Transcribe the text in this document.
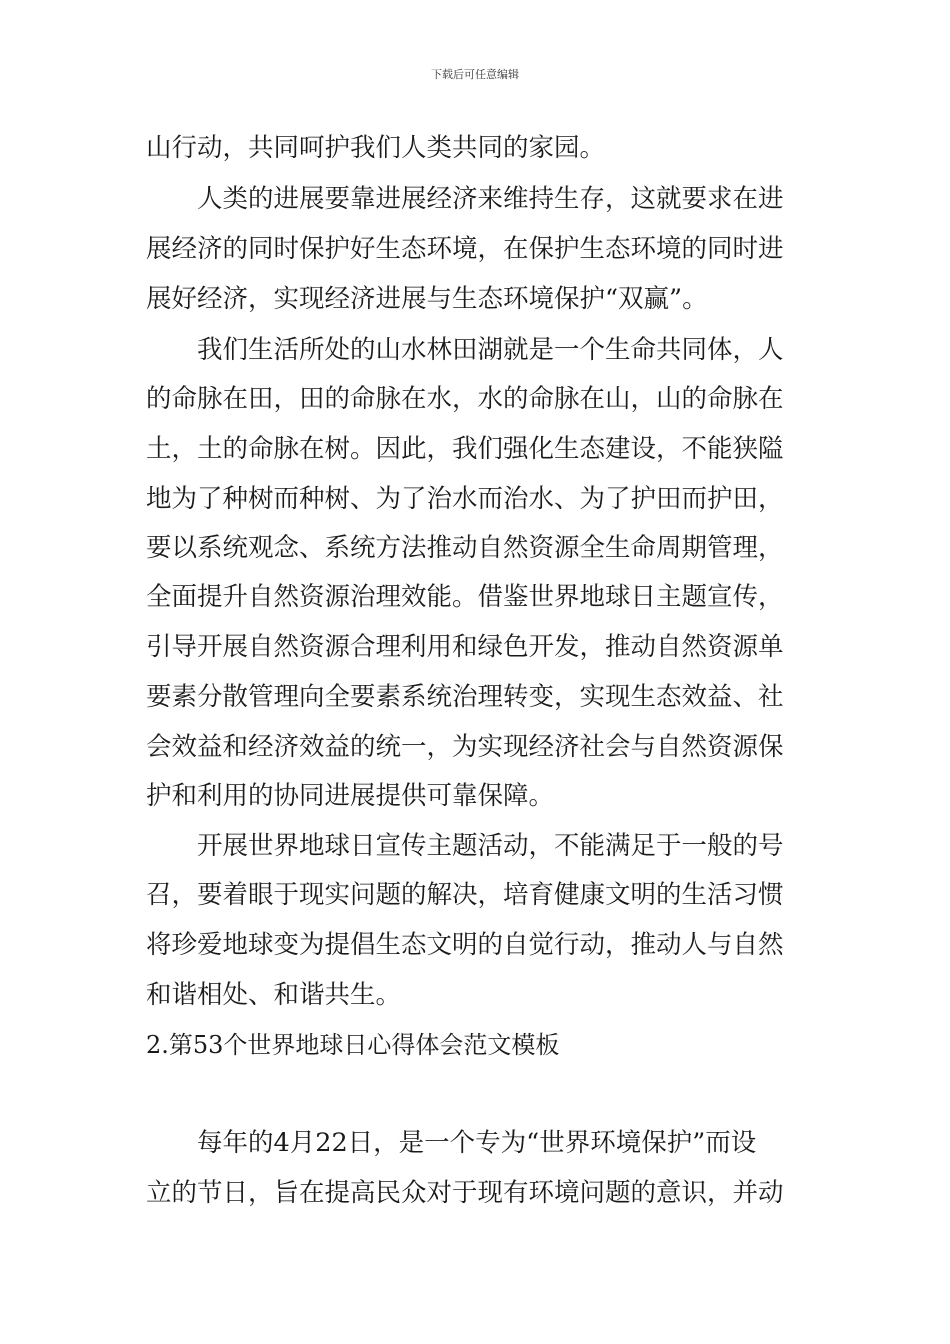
下载后可任意编辑
山行动，共同呵护我们人类共同的家园。
人类的进展要靠进展经济来维持生存，这就要求在进
展经济的同时保护好生态环境，在保护生态环境的同时进
展好经济，实现经济进展与生态环境保护“双赢”。
我们生活所处的山水林田湖就是一个生命共同体，人
的命脉在田，田的命脉在水，水的命脉在山，山的命脉在
土，土的命脉在树。因此，我们强化生态建设，不能狭隘
地为了种树而种树、为了治水而治水、为了护田而护田，
要以系统观念、系统方法推动自然资源全生命周期管理，
全面提升自然资源治理效能。借鉴世界地球日主题宣传，
引导开展自然资源合理利用和绿色开发，推动自然资源单
要素分散管理向全要素系统治理转变，实现生态效益、社
会效益和经济效益的统一，为实现经济社会与自然资源保
护和利用的协同进展提供可靠保障。
开展世界地球日宣传主题活动，不能满足于一般的号
召，要着眼于现实问题的解决，培育健康文明的生活习惯
将珍爱地球变为提倡生态文明的自觉行动，推动人与自然
和谐相处、和谐共生。
2.第53个世界地球日心得体会范文模板
每年的4月22日，是一个专为“世界环境保护”而设
立的节日，旨在提高民众对于现有环境问题的意识，并动
